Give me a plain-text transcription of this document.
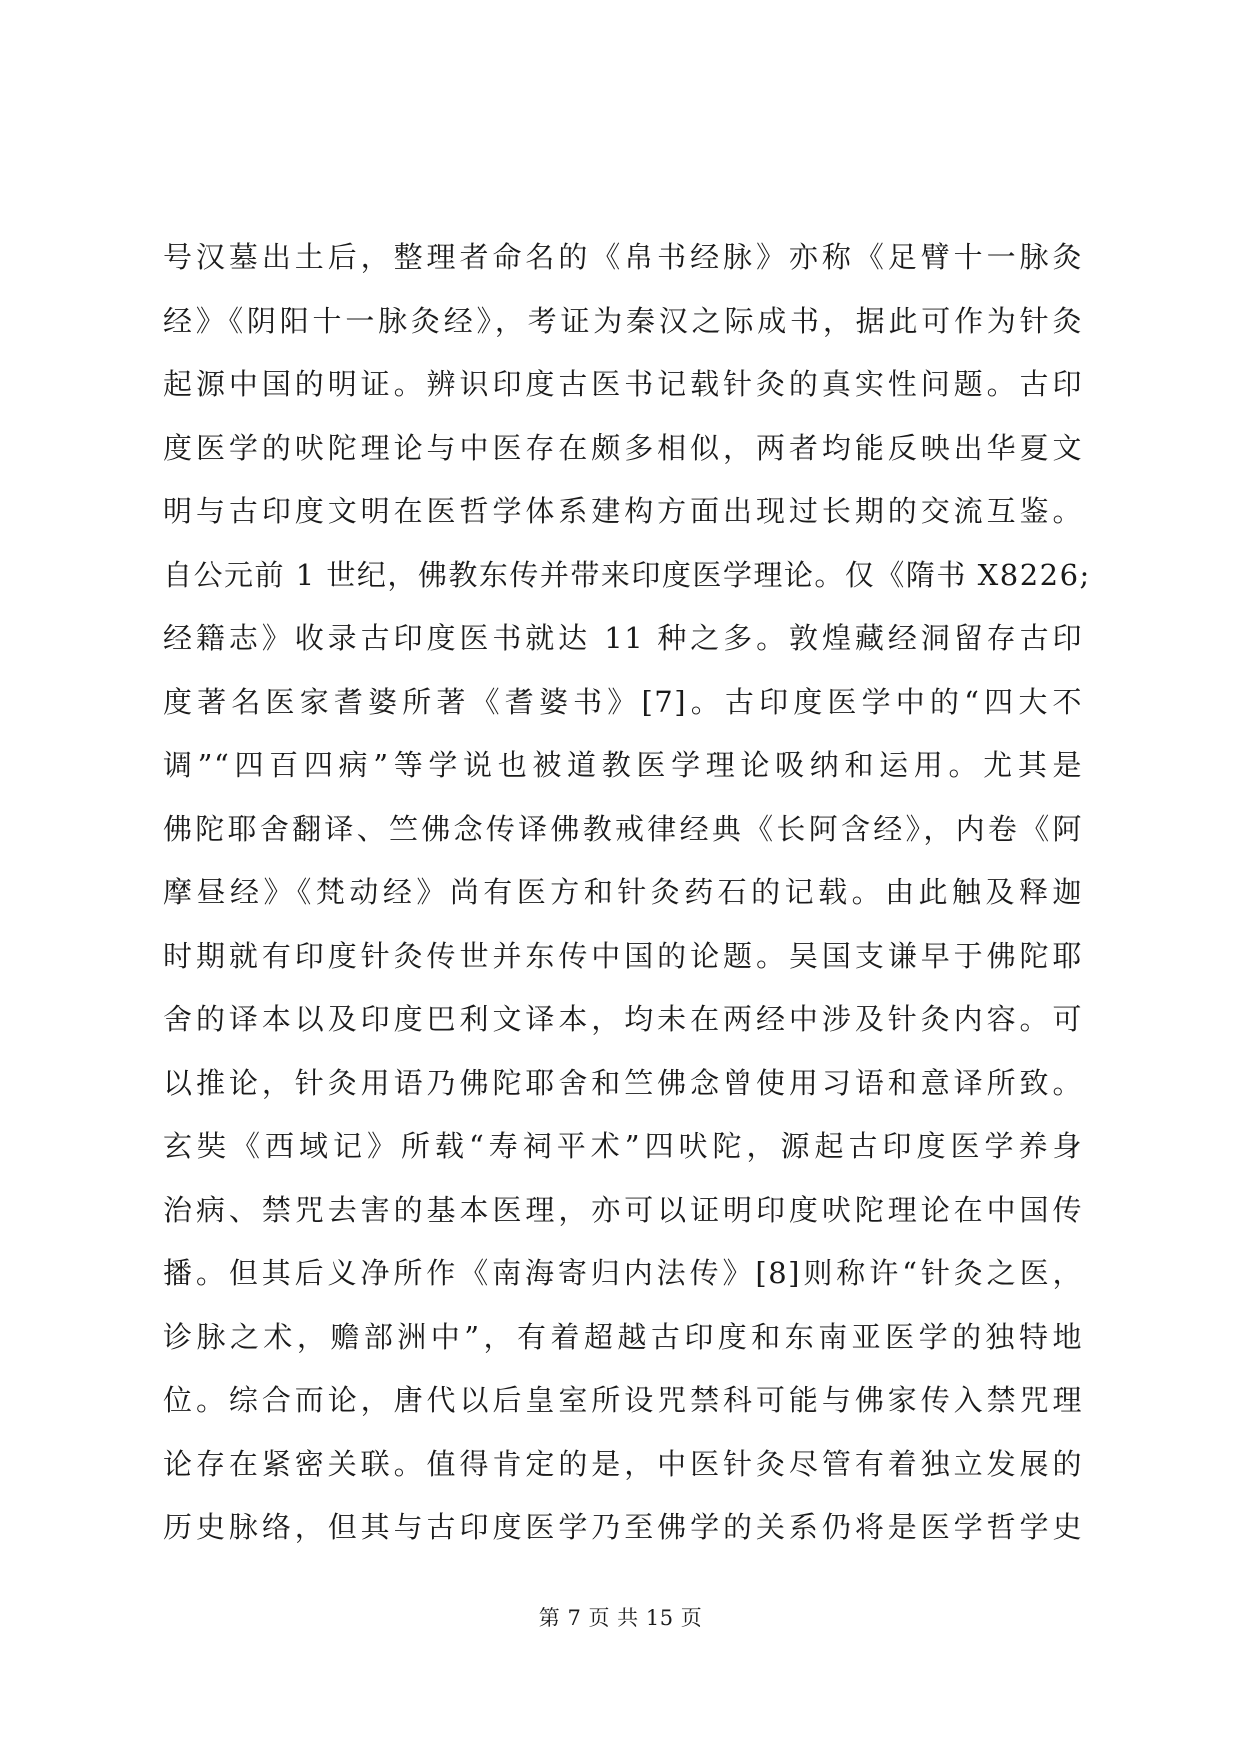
号汉墓出土后，整理者命名的《帛书经脉》亦称《足臂十一脉灸
经》《阴阳十一脉灸经》，考证为秦汉之际成书，据此可作为针灸
起源中国的明证。辨识印度古医书记载针灸的真实性问题。古印
度医学的吠陀理论与中医存在颇多相似，两者均能反映出华夏文
明与古印度文明在医哲学体系建构方面出现过长期的交流互鉴。
自公元前 1 世纪，佛教东传并带来印度医学理论。仅《隋书 X8226;
经籍志》收录古印度医书就达 11 种之多。敦煌藏经洞留存古印
度著名医家耆婆所著《耆婆书》[7]。古印度医学中的“四大不
调”“四百四病”等学说也被道教医学理论吸纳和运用。尤其是
佛陀耶舍翻译、竺佛念传译佛教戒律经典《长阿含经》，内卷《阿
摩昼经》《梵动经》尚有医方和针灸药石的记载。由此触及释迦
时期就有印度针灸传世并东传中国的论题。吴国支谦早于佛陀耶
舍的译本以及印度巴利文译本，均未在两经中涉及针灸内容。可
以推论，针灸用语乃佛陀耶舍和竺佛念曾使用习语和意译所致。
玄奘《西域记》所载“寿祠平术”四吠陀，源起古印度医学养身
治病、禁咒去害的基本医理，亦可以证明印度吠陀理论在中国传
播。但其后义净所作《南海寄归内法传》[8]则称许“针灸之医，
诊脉之术，赡部洲中”，有着超越古印度和东南亚医学的独特地
位。综合而论，唐代以后皇室所设咒禁科可能与佛家传入禁咒理
论存在紧密关联。值得肯定的是，中医针灸尽管有着独立发展的
历史脉络，但其与古印度医学乃至佛学的关系仍将是医学哲学史
第 7 页 共 15 页
